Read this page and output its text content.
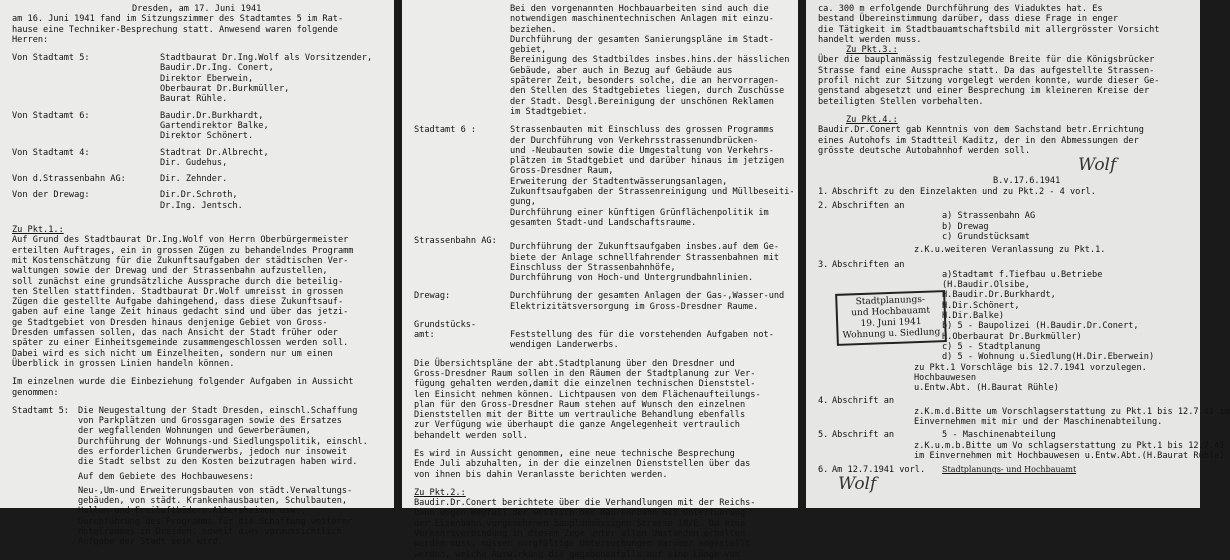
Dresden, am 17. Juni 1941
am 16. Juni 1941 fand im Sitzungszimmer des Stadtamtes 5 im Rat-
hause eine Techniker-Besprechung statt. Anwesend waren folgende
Herren:
Von Stadtamt 5:	Stadtbaurat Dr.Ing.Wolf als Vorsitzender,
Baudir.Dr.Ing. Conert,
Direktor Eberwein,
Oberbaurat Dr.Burkmüller,
Baurat Rühle.
Von Stadtamt 6:	Baudir.Dr.Burkhardt,
Gartendirektor Balke,
Direktor Schönert.
Von Stadtamt 4:	Stadtrat Dr.Albrecht,
Dir. Gudehus,
Von d.Strassenbahn AG:	Dir. Zehnder.
Von der Drewag:	Dir.Dr.Schroth,
Dr.Ing. Jentsch.
Zu Pkt.1.:
Auf Grund des Stadtbaurat Dr.Ing.Wolf von Herrn Oberbürgermeister
erteilten Auftrages, ein in grossen Zügen zu behandelndes Programm
mit Kostenschätzung für die Zukunftsaufgaben der städtischen Ver-
waltungen sowie der Drewag und der Strassenbahn aufzustellen,
soll zunächst eine grundsätzliche Aussprache durch die beteilig-
ten Stellen stattfinden. Stadtbaurat Dr.Wolf umreisst in grossen
Zügen die gestellte Aufgabe dahingehend, dass diese Zukunftsauf-
gaben auf eine lange Zeit hinaus gedacht sind und über das jetzi-
ge Stadtgebiet von Dresden hinaus denjenige Gebiet von Gross-
Dresden umfassen sollen, das nach Ansicht der Stadt früher oder
später zu einer Einheitsgemeinde zusammengeschlossen werden soll.
Dabei wird es sich nicht um Einzelheiten, sondern nur um einen
Überblick in grossen Linien handeln können.
Im einzelnen wurde die Einbeziehung folgender Aufgaben in Aussicht
genommen:
Stadtamt 5:	Die Neugestaltung der Stadt Dresden, einschl.Schaffung
von Parkplätzen und Grossgaragen sowie des Ersatzes
der wegfallenden Wohnungen und Gewerberäumen,
Durchführung der Wohnungs-und Siedlungspolitik, einschl.
des erforderlichen Grunderwerbs, jedoch nur insoweit
die Stadt selbst zu den Kosten beizutragen haben wird.
Auf dem Gebiete des Hochbauwesens:
Neu-,Um-und Erweiterungsbauten von städt.Verwaltungs-
gebäuden, von städt. Krankenhausbauten, Schulbauten,
Hallen-und Freiluftbädern,Altersheimen usw.,
Durchführung des Programms für die Schaffung weiterer
Hotelraumes in Dresden, soweit dies voraussichtlich
Aufgabe der Stadt sein wird.
Bei den vorgenannten Hochbauarbeiten sind auch die
notwendigen maschinentechnischen Anlagen mit einzu-
beziehen.
Durchführung der gesamten Sanierungspläne im Stadt-
gebiet,
Bereinigung des Stadtbildes insbes.hins.der hässlichen
Gebäude, aber auch in Bezug auf Gebäude aus
späterer Zeit, besonders solche, die an hervorragen-
den Stellen des Stadtgebietes liegen, durch Zuschüsse
der Stadt. Desgl.Bereinigung der unschönen Reklamen
im Stadtgebiet.
Stadtamt 6 :	Strassenbauten mit Einschluss des grossen Programms
der Durchführung von Verkehrsstrassenundbrücken-
und -Neubauten sowie die Umgestaltung von Verkehrs-
plätzen im Stadtgebiet und darüber hinaus im jetzigen
Gross-Dresdner Raum,
Erweiterung der Stadtentwässerungsanlagen,
Zukunftsaufgaben der Strassenreinigung und Müllbeseiti-
gung,
Durchführung einer künftigen Grünflächenpolitik im
gesamten Stadt-und Landschaftsraume.
Strassenbahn AG:
Durchführung der Zukunftsaufgaben insbes.auf dem Ge-
biete der Anlage schnellfahrender Strassenbahnen mit
Einschluss der Strassenbahnhöfe,
Durchführung von Hoch-und Untergrundbahnlinien.
Drewag:	Durchführung der gesamten Anlagen der Gas-,Wasser-und
Elektrizitätsversorgung im Gross-Dresdner Raume.
Grundstücks-
amt:	Feststellung des für die vorstehenden Aufgaben not-
wendigen Landerwerbs.
Die Übersichtspläne der abt.Stadtplanung über den Dresdner und
Gross-Dresdner Raum sollen in den Räumen der Stadtplanung zur Ver-
fügung gehalten werden,damit die einzelnen technischen Dienststel-
len Einsicht nehmen können. Lichtpausen von dem Flächenaufteilungs-
plan für den Gross-Dresdner Raum stehen auf Wunsch den einzelnen
Dienststellen mit der Bitte um vertrauliche Behandlung ebenfalls
zur Verfügung wie überhaupt die ganze Angelegenheit vertraulich
behandelt werden soll.
Es wird in Aussicht genommen, eine neue technische Besprechung
Ende Juli abzuhalten, in der die einzelnen Dienststellen über das
von ihnen bis dahin Veranlasste berichten werden.
Zu Pkt.2.:
Baudir.Dr.Conert berichtete über die Verhandlungen mit der Reichs-
bahn wegen Wegfall der westlich der Radrennbahn mit Unterführung
der Eisenbahn vorgesehenen bauplanmässigen Strasse 18/E. Da eine
Verkehrsverbindung in diesem Zuge unter allen Umständen erhalten
werden muss, müssen sorgfältige Untersuchungen darüber angestellt
werden, welche Auswirkung die gegebenenfalls auf eine Länge von
ca. 300 m erfolgende Durchführung des Viaduktes hat. Es
bestand Übereinstimmung darüber, dass diese Frage in enger
die Tätigkeit im Stadtbauamtschaftsbild mit allergrösster Vorsicht
handelt werden muss.
Zu Pkt.3.:
Über die bauplanmässig festzulegende Breite für die Königsbrücker
Strasse fand eine Aussprache statt. Da das aufgestellte Strassen-
profil nicht zur Sitzung vorgelegt werden konnte, wurde dieser Ge-
genstand abgesetzt und einer Besprechung im kleineren Kreise der
beteiligten Stellen vorbehalten.
Zu Pkt.4.:
Baudir.Dr.Conert gab Kenntnis von dem Sachstand betr.Errichtung
eines Autohofs im Stadtteil Kaditz, der in den Abmessungen der
grösste deutsche Autobahnhof werden soll.
Wolf
B.v.17.6.1941
1. Abschrift zu den Einzelakten und zu Pkt.2 - 4 vorl.
2. Abschriften an
a) Strassenbahn AG
b) Drewag
c) Grundstücksamt
z.K.u.weiteren Veranlassung zu Pkt.1.
3. Abschriften an
Stadtplanungs-
und Hochbauamt
19. Juni 1941
Wohnung u. Siedlung
a)Stadtamt f.Tiefbau u.Betriebe
(H.Baudir.Olsibe,
H.Baudir.Dr.Burkhardt,
H.Dir.Schönert,
H.Dir.Balke)
b) 5 - Baupolizei (H.Baudir.Dr.Conert,
H.Oberbaurat Dr.Burkmüller)
c) 5 - Stadtplanung
d) 5 - Wohnung u.Siedlung(H.Dir.Eberwein)
zu Pkt.1 Vorschläge bis 12.7.1941 vorzulegen.
Hochbauwesen
u.Entw.Abt. (H.Baurat Rühle)
4. Abschrift an
z.K.m.d.Bitte um Vorschlagserstattung zu Pkt.1 bis 12.7.41 im
Einvernehmen mit mir und der Maschinenabteilung.
5. Abschrift an	5 - Maschinenabteilung
z.K.u.m.b.Bitte um Vo schlagserstattung zu Pkt.1 bis 12.7.41
im Einvernehmen mit Hochbauwesen u.Entw.Abt.(H.Baurat Rühle)
6. Am 12.7.1941 vorl.	Stadtplanungs- und Hochbauamt
Wolf
